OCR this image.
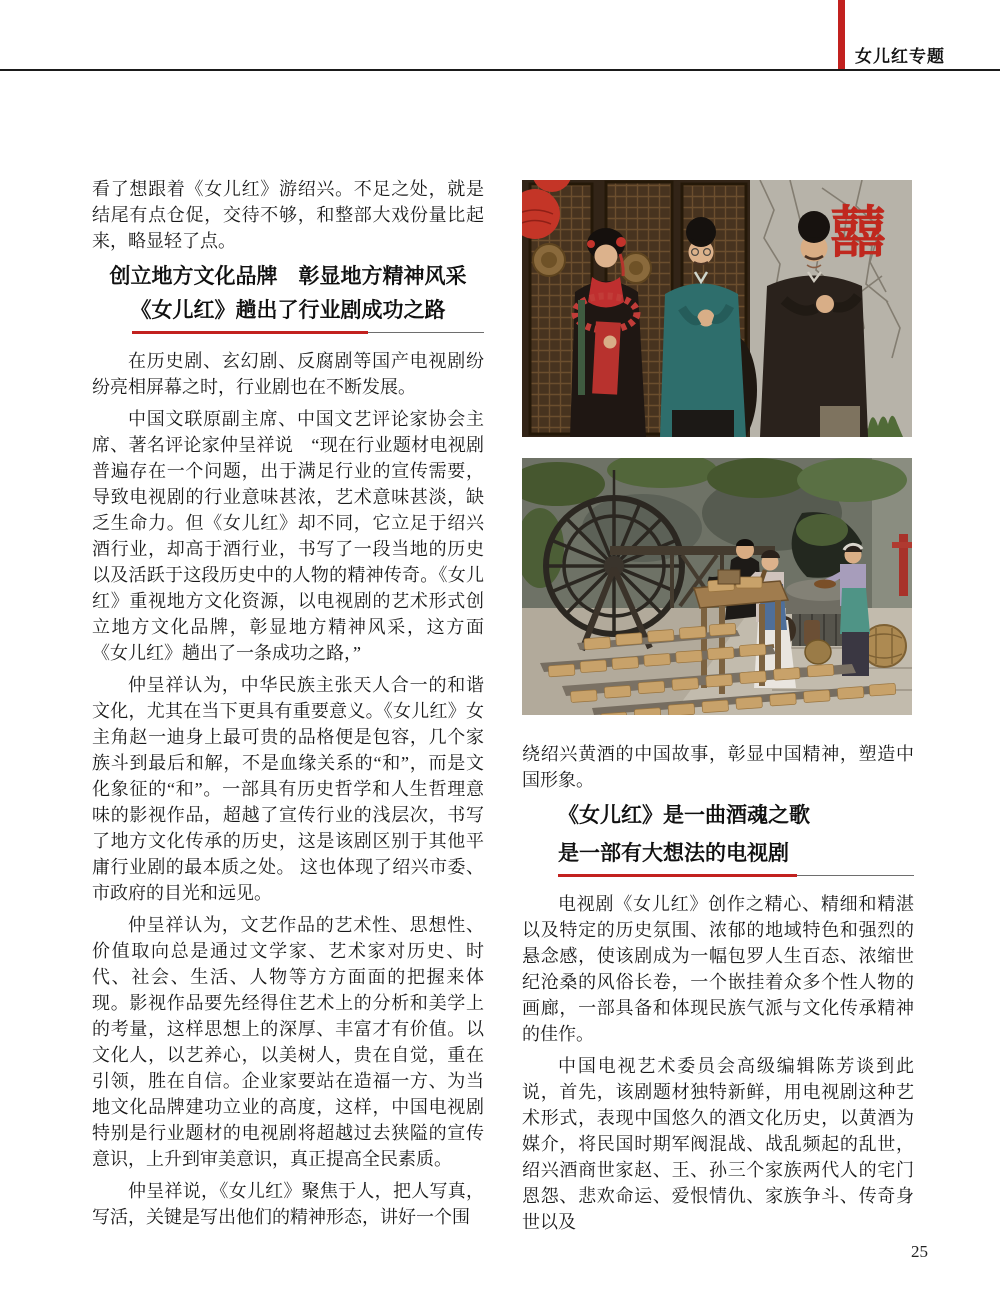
女儿红专题

看了想跟着《女儿红》游绍兴。不足之处，就是结尾有点仓促，交待不够，和整部大戏份量比起来，略显轻了点。

创立地方文化品牌　彰显地方精神风采
《女儿红》趟出了行业剧成功之路

在历史剧、玄幻剧、反腐剧等国产电视剧纷纷亮相屏幕之时，行业剧也在不断发展。

中国文联原副主席、中国文艺评论家协会主席、著名评论家仲呈祥说　“现在行业题材电视剧普遍存在一个问题，出于满足行业的宣传需要，导致电视剧的行业意味甚浓，艺术意味甚淡，缺乏生命力。但《女儿红》却不同，它立足于绍兴酒行业，却高于酒行业，书写了一段当地的历史以及活跃于这段历史中的人物的精神传奇。《女儿红》重视地方文化资源，以电视剧的艺术形式创立地方文化品牌，彰显地方精神风采，这方面《女儿红》趟出了一条成功之路，”

仲呈祥认为，中华民族主张天人合一的和谐文化，尤其在当下更具有重要意义。《女儿红》女主角赵一迪身上最可贵的品格便是包容，几个家族斗到最后和解，不是血缘关系的“和”，而是文化象征的“和”。一部具有历史哲学和人生哲理意味的影视作品，超越了宣传行业的浅层次，书写了地方文化传承的历史，这是该剧区别于其他平庸行业剧的最本质之处。 这也体现了绍兴市委、市政府的目光和远见。

仲呈祥认为，文艺作品的艺术性、思想性、价值取向总是通过文学家、艺术家对历史、时代、社会、生活、人物等方方面面的把握来体现。影视作品要先经得住艺术上的分析和美学上的考量，这样思想上的深厚、丰富才有价值。以文化人，以艺养心，以美树人，贵在自觉，重在引领，胜在自信。企业家要站在造福一方、为当地文化品牌建功立业的高度，这样，中国电视剧特别是行业题材的电视剧将超越过去狭隘的宣传意识，上升到审美意识，真正提高全民素质。

仲呈祥说，《女儿红》聚焦于人，把人写真，写活，关键是写出他们的精神形态，讲好一个围

囍

绕绍兴黄酒的中国故事，彰显中国精神，塑造中国形象。

《女儿红》是一曲酒魂之歌
是一部有大想法的电视剧

电视剧《女儿红》创作之精心、精细和精湛以及特定的历史氛围、浓郁的地域特色和强烈的悬念感，使该剧成为一幅包罗人生百态、浓缩世纪沧桑的风俗长卷，一个嵌挂着众多个性人物的画廊，一部具备和体现民族气派与文化传承精神的佳作。

中国电视艺术委员会高级编辑陈芳谈到此说，首先，该剧题材独特新鲜，用电视剧这种艺术形式，表现中国悠久的酒文化历史，以黄酒为媒介，将民国时期军阀混战、战乱频起的乱世，绍兴酒商世家赵、王、孙三个家族两代人的宅门恩怨、悲欢命运、爱恨情仇、家族争斗、传奇身世以及

25
